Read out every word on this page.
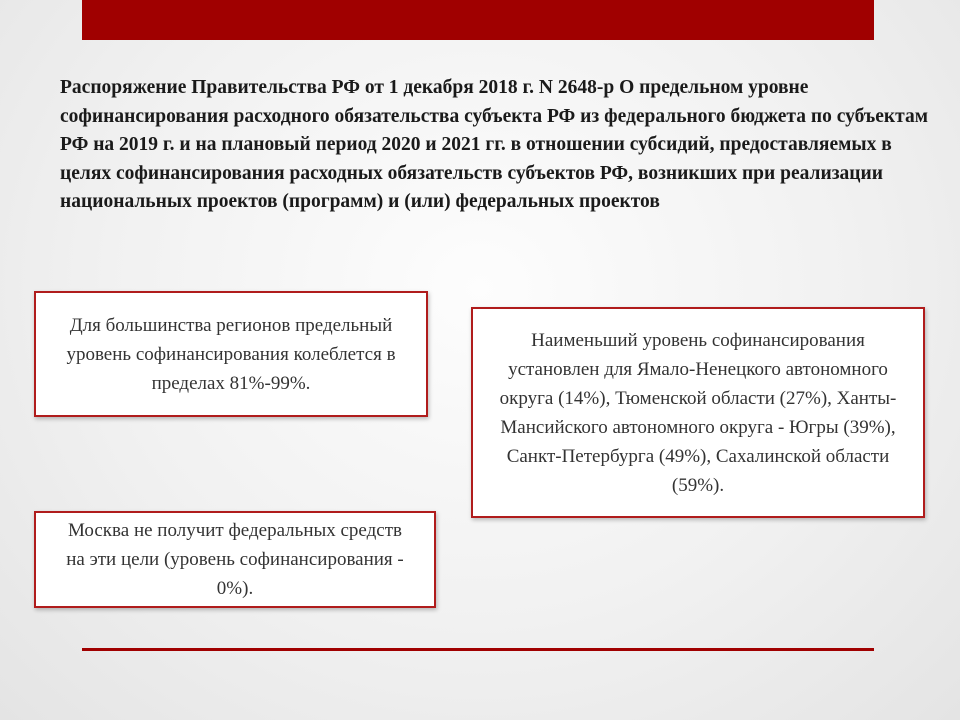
Распоряжение Правительства РФ от 1 декабря 2018 г. N 2648-р О предельном уровне софинансирования расходного обязательства субъекта РФ из федерального бюджета по субъектам РФ на 2019 г. и на плановый период 2020 и 2021 гг. в отношении субсидий, предоставляемых в целях софинансирования расходных обязательств субъектов РФ, возникших при реализации национальных проектов (программ) и (или) федеральных проектов

Для большинства регионов предельный уровень софинансирования колеблется в пределах 81%-99%.

Наименьший уровень софинансирования установлен для Ямало-Ненецкого автономного округа (14%), Тюменской области (27%), Ханты-Мансийского автономного округа - Югры (39%), Санкт-Петербурга (49%), Сахалинской области (59%).

Москва не получит федеральных средств на эти цели (уровень софинансирования - 0%).
